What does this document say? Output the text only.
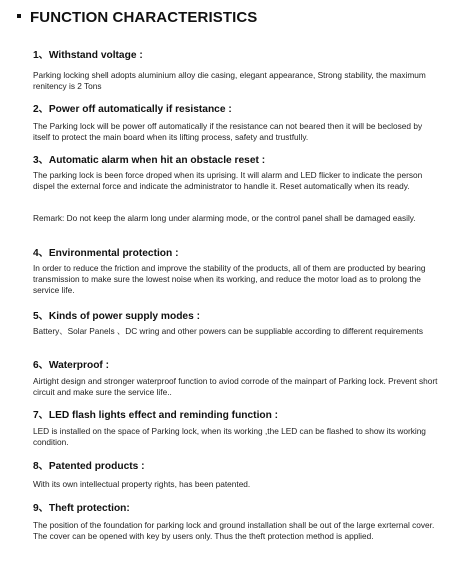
FUNCTION CHARACTERISTICS
1、Withstand voltage :
Parking locking shell adopts aluminium alloy die casing, elegant appearance, Strong stability, the maximum renitency is 2 Tons
2、Power off automatically if resistance :
The Parking lock will be power off automatically if the resistance can not beared then it will be beclosed by itself to protect the main board when its lifting process, safety and trustfully.
3、Automatic alarm when hit an obstacle reset :
The parking lock is been force droped when its uprising. It will alarm and LED flicker to indicate the person dispel the external force and indicate the administrator to handle it. Reset automatically when its ready.
Remark: Do not keep the alarm long under alarming mode, or the control panel shall be damaged easily.
4、Environmental protection :
In order to reduce the friction and improve the stability of the products, all of them are producted by bearing transmission to make sure the lowest noise when its working, and reduce the motor load as to prolong the service life.
5、Kinds of power supply modes :
Battery、Solar Panels 、DC wring and other powers can be suppliable according to different requirements
6、Waterproof :
Airtight design and stronger waterproof function to aviod corrode of the mainpart of Parking lock. Prevent short circuit and make sure the service life..
7、LED flash lights effect and reminding function :
LED is installed on the space of Parking lock, when its working ,the LED can be flashed to show its working condition.
8、Patented products :
With its own intellectual property rights, has been patented.
9、Theft protection:
The position of the foundation for parking lock and ground installation shall be out of the large exrternal cover. The cover can be opened with key by users only. Thus the theft protection method is applied.
